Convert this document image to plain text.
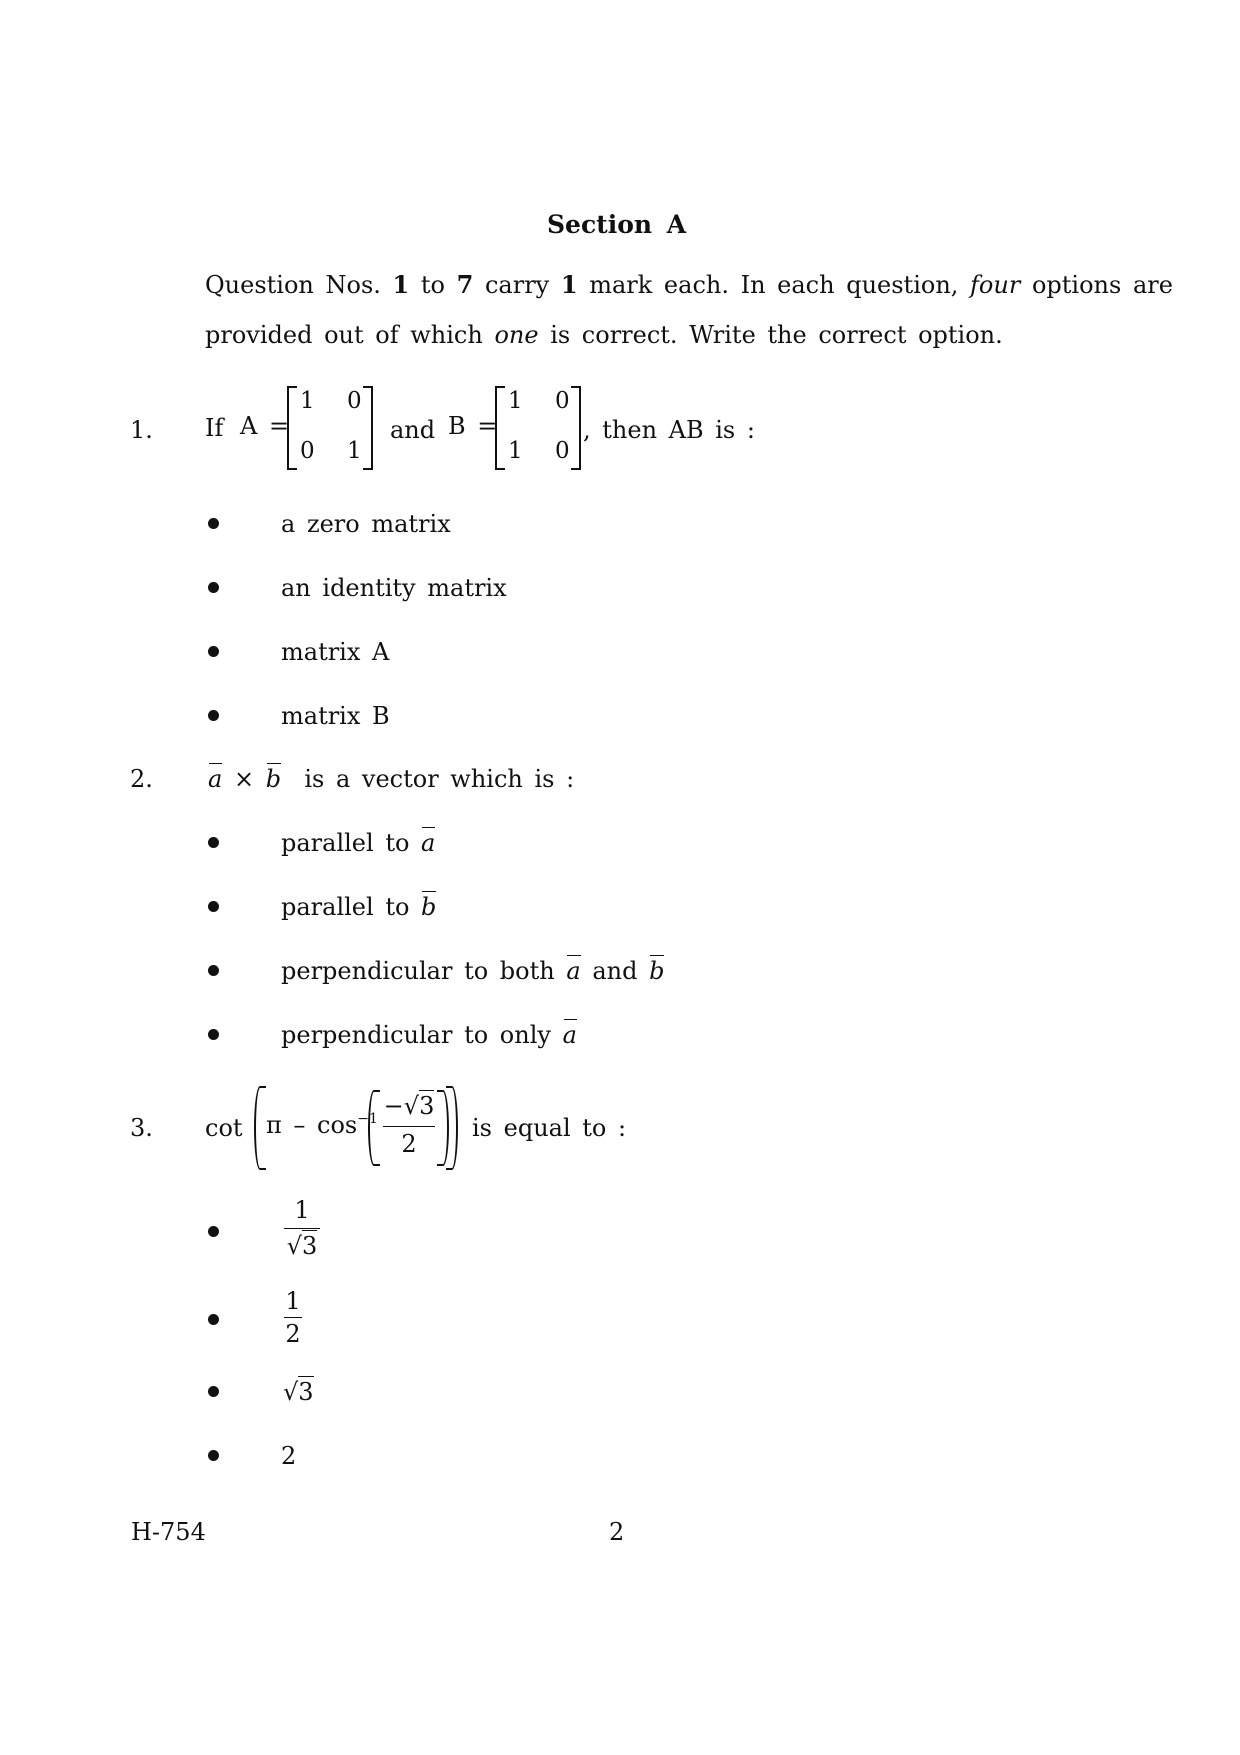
Section A
Question Nos. 1 to 7 carry 1 mark each. In each question, four options are
provided out of which one is correct. Write the correct option.
1. If A =
1 0
0 1
and B =
1 0
1 0
, then AB is :
a zero matrix
an identity matrix
matrix A
matrix B
2. a × b is a vector which is :
parallel to a
parallel to b
perpendicular to both a and b
perpendicular to only a
3. cot π – $\cos^{-1}$ −√
3
2
is equal to :
1
√
3
1
2
√
3
2
H-754	2
